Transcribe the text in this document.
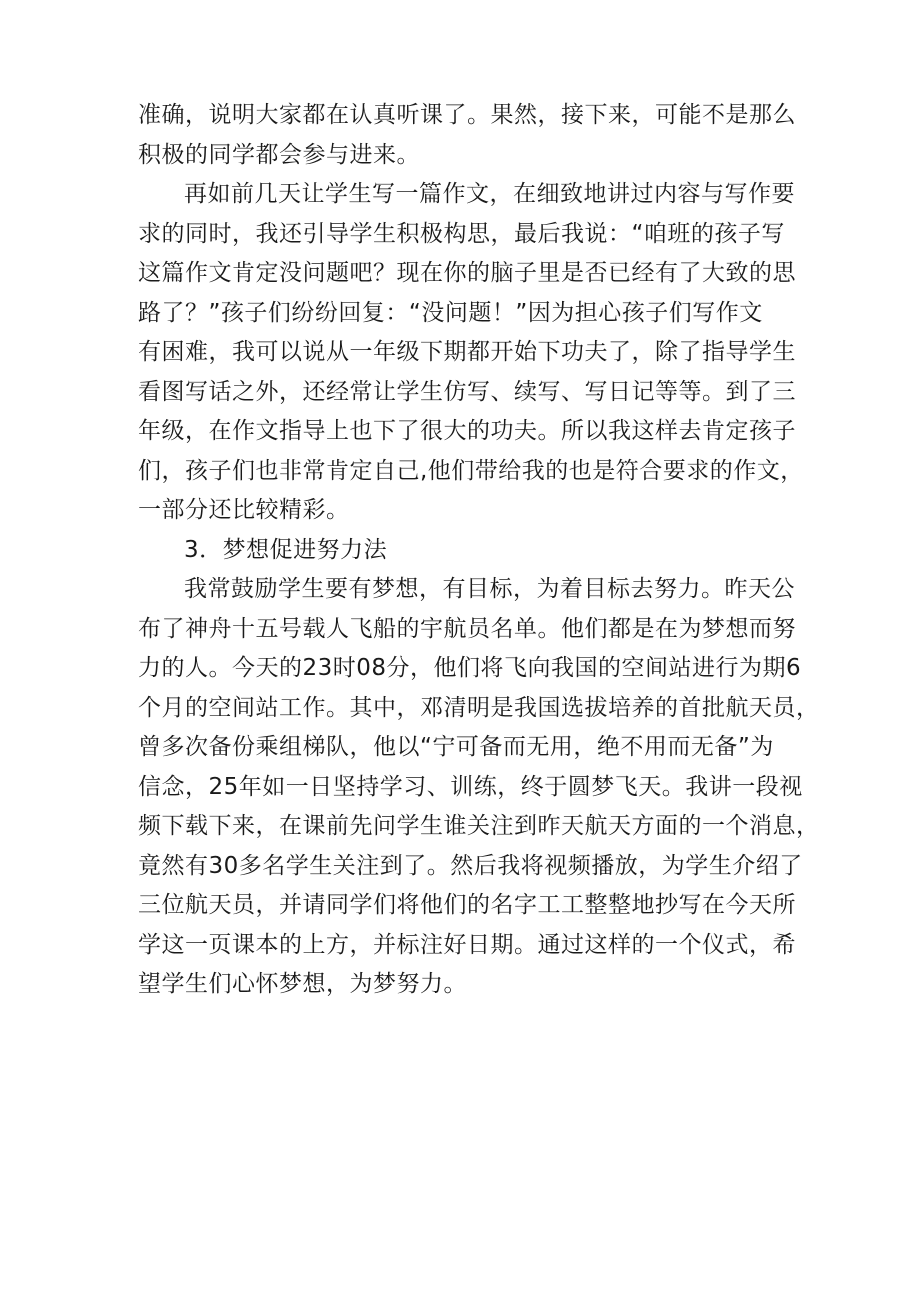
准确，说明大家都在认真听课了。果然，接下来，可能不是那么
积极的同学都会参与进来。
再如前几天让学生写一篇作文，在细致地讲过内容与写作要
求的同时，我还引导学生积极构思，最后我说：“咱班的孩子写
这篇作文肯定没问题吧？现在你的脑子里是否已经有了大致的思
路了？”孩子们纷纷回复：“没问题！”因为担心孩子们写作文
有困难，我可以说从一年级下期都开始下功夫了，除了指导学生
看图写话之外，还经常让学生仿写、续写、写日记等等。到了三
年级，在作文指导上也下了很大的功夫。所以我这样去肯定孩子
们，孩子们也非常肯定自己,他们带给我的也是符合要求的作文，
一部分还比较精彩。
3．梦想促进努力法
我常鼓励学生要有梦想，有目标，为着目标去努力。昨天公
布了神舟十五号载人飞船的宇航员名单。他们都是在为梦想而努
力的人。今天的23时08分，他们将飞向我国的空间站进行为期6
个月的空间站工作。其中，邓清明是我国选拔培养的首批航天员，
曾多次备份乘组梯队，他以“宁可备而无用，绝不用而无备”为
信念，25年如一日坚持学习、训练，终于圆梦飞天。我讲一段视
频下载下来，在课前先问学生谁关注到昨天航天方面的一个消息，
竟然有30多名学生关注到了。然后我将视频播放，为学生介绍了
三位航天员，并请同学们将他们的名字工工整整地抄写在今天所
学这一页课本的上方，并标注好日期。通过这样的一个仪式，希
望学生们心怀梦想，为梦努力。
